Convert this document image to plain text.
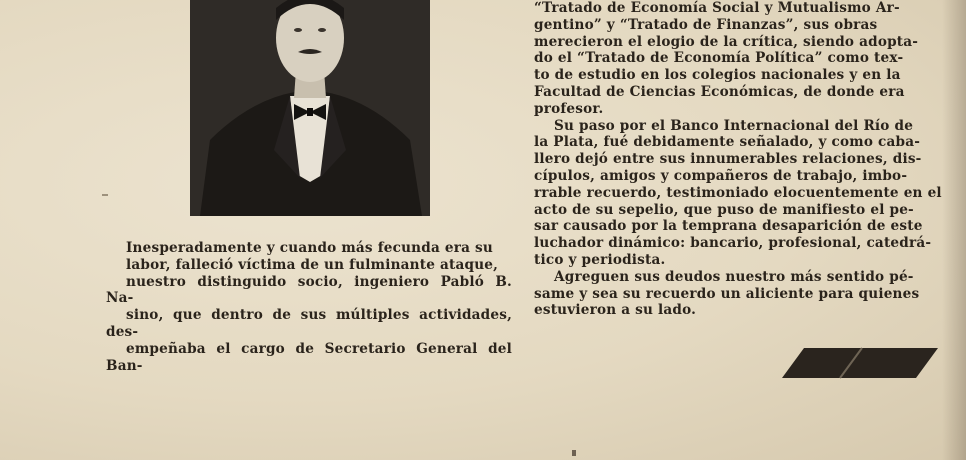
Inesperadamente y cuando más fecunda era su
labor, falleció víctima de un fulminante ataque,
nuestro distinguido socio, ingeniero Pabló B. Na-
sino, que dentro de sus múltiples actividades, des-
empeñaba el cargo de Secretario General del Ban-

“Tratado de Economía Social y Mutualismo Ar-
gentino” y “Tratado de Finanzas”, sus obras
merecieron el elogio de la crítica, siendo adopta-
do el “Tratado de Economía Política” como tex-
to de estudio en los colegios nacionales y en la
Facultad de Ciencias Económicas, de donde era
profesor.

Su paso por el Banco Internacional del Río de
la Plata, fué debidamente señalado, y como caba-
llero dejó entre sus innumerables relaciones, dis-
cípulos, amigos y compañeros de trabajo, imbo-
rrable recuerdo, testimoniado elocuentemente en el
acto de su sepelio, que puso de manifiesto el pe-
sar causado por la temprana desaparición de este
luchador dinámico: bancario, profesional, catedrá-
tico y periodista.

Agreguen sus deudos nuestro más sentido pé-
same y sea su recuerdo un aliciente para quienes
estuvieron a su lado.
